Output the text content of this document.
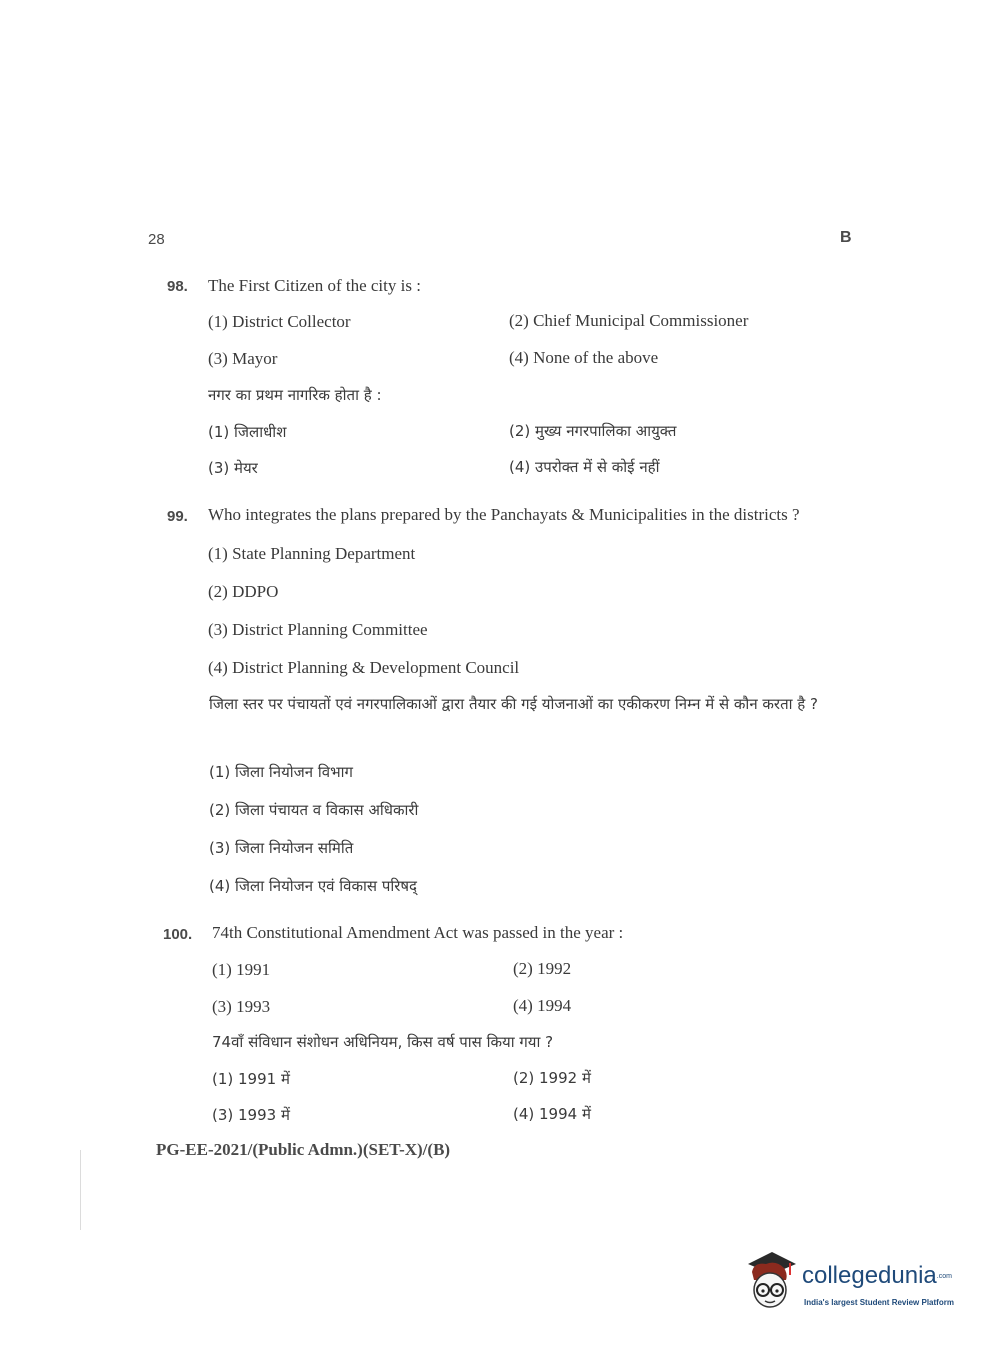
28	B
98. The First Citizen of the city is :
(1) District Collector	(2) Chief Municipal Commissioner
(3) Mayor	(4) None of the above
नगर का प्रथम नागरिक होता है :
(1) जिलाधीश	(2) मुख्य नगरपालिका आयुक्त
(3) मेयर	(4) उपरोक्त में से कोई नहीं
99. Who integrates the plans prepared by the Panchayats & Municipalities in the districts ?
(1) State Planning Department
(2) DDPO
(3) District Planning Committee
(4) District Planning & Development Council
जिला स्तर पर पंचायतों एवं नगरपालिकाओं द्वारा तैयार की गई योजनाओं का एकीकरण निम्न में से कौन करता है ?
(1) जिला नियोजन विभाग
(2) जिला पंचायत व विकास अधिकारी
(3) जिला नियोजन समिति
(4) जिला नियोजन एवं विकास परिषद्
100. 74th Constitutional Amendment Act was passed in the year :
(1) 1991	(2) 1992
(3) 1993	(4) 1994
74वाँ संविधान संशोधन अधिनियम, किस वर्ष पास किया गया ?
(1) 1991 में	(2) 1992 में
(3) 1993 में	(4) 1994 में
PG-EE-2021/(Public Admn.)(SET-X)/(B)
collegedunia.com
India's largest Student Review Platform
